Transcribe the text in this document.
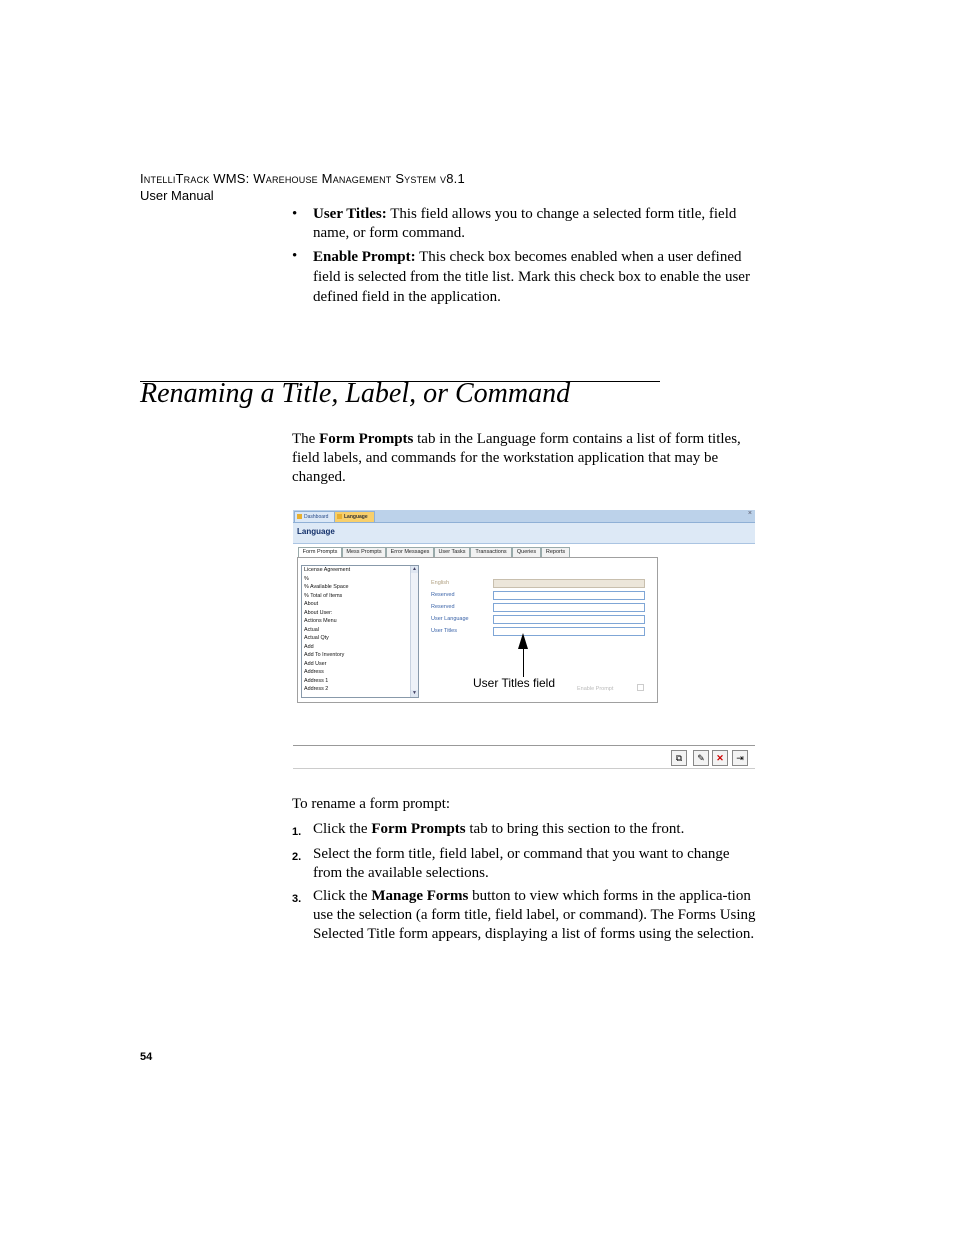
IntelliTrack WMS: Warehouse Management System v8.1
User Manual
• User Titles: This field allows you to change a selected form title, field name, or form command.
• Enable Prompt: This check box becomes enabled when a user defined field is selected from the title list. Mark this check box to enable the user defined field in the application.
Renaming a Title, Label, or Command
The Form Prompts tab in the Language form contains a list of form titles, field labels, and commands for the workstation application that may be changed.
Dashboard	Language	×
Language
Form Prompts	Mess Prompts	Error Messages	User Tasks	Transactions	Queries	Reports
License Agreement
%
% Available Space
% Total of Items
About
About User:
Actions Menu
Actual
Actual Qty
Add
Add To Inventory
Add User
Address
Address 1
Address 2
▲
▼
English
Reserved
Reserved
User Language
User Titles
Enable Prompt
User Titles field
⧉	✎	✕	⇥
To rename a form prompt:
1. Click the Form Prompts tab to bring this section to the front.
2. Select the form title, field label, or command that you want to change from the available selections.
3. Click the Manage Forms button to view which forms in the applica-tion use the selection (a form title, field label, or command). The Forms Using Selected Title form appears, displaying a list of forms using the selection.
54
